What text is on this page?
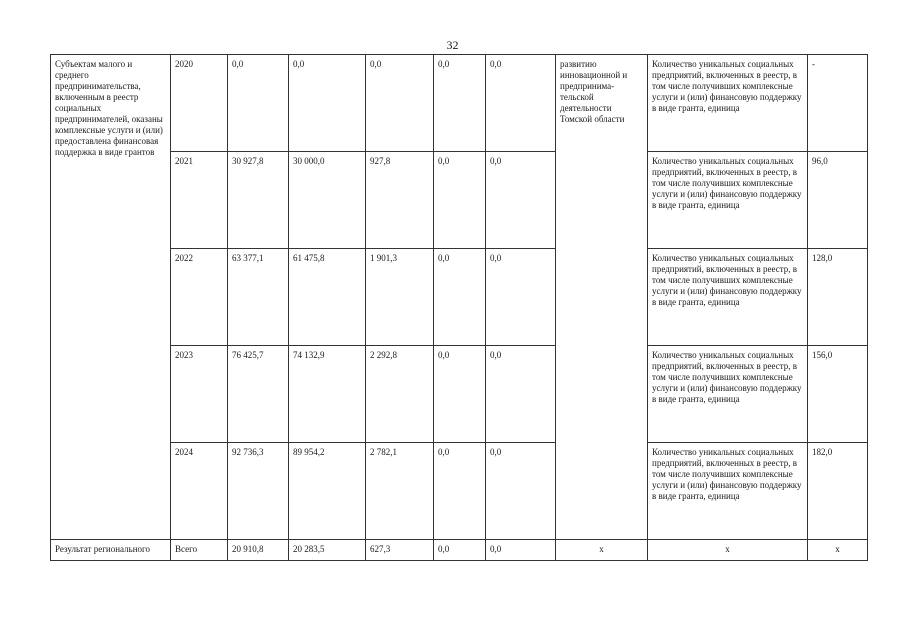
32
Субъектам малого и среднего предпринимательства, включенным в реестр социальных предпринимателей, оказаны комплексные услуги и (или) предоставлена финансовая поддержка в виде грантов	2020	0,0	0,0	0,0	0,0	0,0	развитию инновационной и предпринима-тельской деятельности Томской области	Количество уникальных социальных предприятий, включенных в реестр, в том числе получивших комплексные услуги и (или) финансовую поддержку в виде гранта, единица	-
	2021	30 927,8	30 000,0	927,8	0,0	0,0		Количество уникальных социальных предприятий, включенных в реестр, в том числе получивших комплексные услуги и (или) финансовую поддержку в виде гранта, единица	96,0
	2022	63 377,1	61 475,8	1 901,3	0,0	0,0		Количество уникальных социальных предприятий, включенных в реестр, в том числе получивших комплексные услуги и (или) финансовую поддержку в виде гранта, единица	128,0
	2023	76 425,7	74 132,9	2 292,8	0,0	0,0		Количество уникальных социальных предприятий, включенных в реестр, в том числе получивших комплексные услуги и (или) финансовую поддержку в виде гранта, единица	156,0
	2024	92 736,3	89 954,2	2 782,1	0,0	0,0		Количество уникальных социальных предприятий, включенных в реестр, в том числе получивших комплексные услуги и (или) финансовую поддержку в виде гранта, единица	182,0
Результат регионального	Всего	20 910,8	20 283,5	627,3	0,0	0,0	x	x	x
